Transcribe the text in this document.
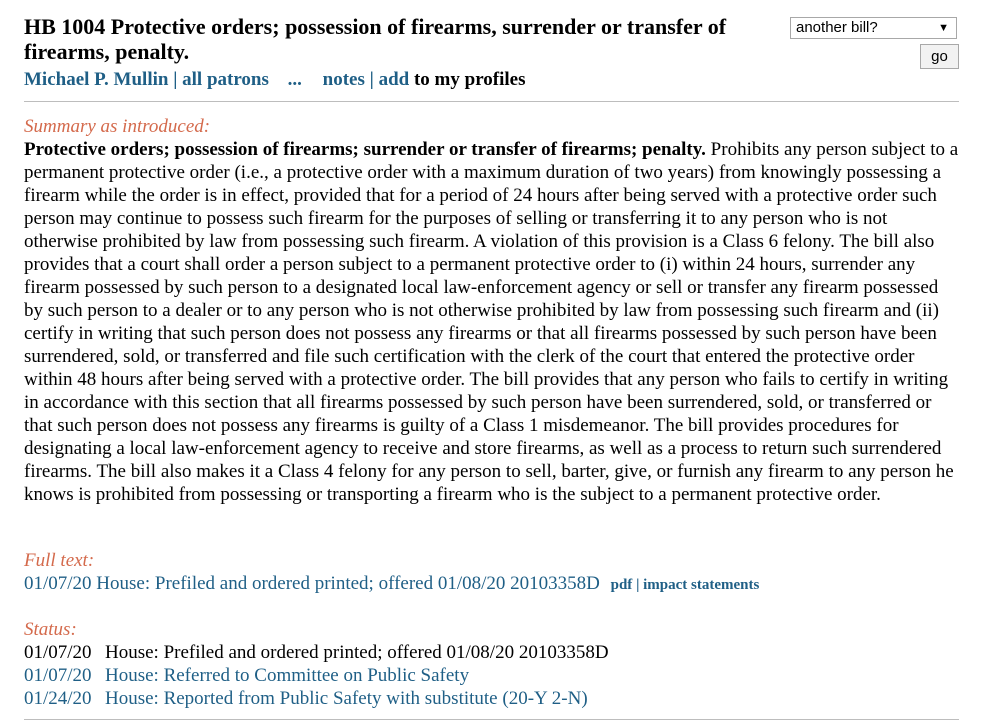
HB 1004 Protective orders; possession of firearms, surrender or transfer of firearms, penalty.
Michael P. Mullin | all patrons ... notes | add to my profiles
another bill?	▼
go
Summary as introduced:

Protective orders; possession of firearms; surrender or transfer of firearms; penalty. Prohibits any person subject to a permanent protective order (i.e., a protective order with a maximum duration of two years) from knowingly possessing a firearm while the order is in effect, provided that for a period of 24 hours after being served with a protective order such person may continue to possess such firearm for the purposes of selling or transferring it to any person who is not otherwise prohibited by law from possessing such firearm. A violation of this provision is a Class 6 felony. The bill also provides that a court shall order a person subject to a permanent protective order to (i) within 24 hours, surrender any firearm possessed by such person to a designated local law-enforcement agency or sell or transfer any firearm possessed by such person to a dealer or to any person who is not otherwise prohibited by law from possessing such firearm and (ii) certify in writing that such person does not possess any firearms or that all firearms possessed by such person have been surrendered, sold, or transferred and file such certification with the clerk of the court that entered the protective order within 48 hours after being served with a protective order. The bill provides that any person who fails to certify in writing in accordance with this section that all firearms possessed by such person have been surrendered, sold, or transferred or that such person does not possess any firearms is guilty of a Class 1 misdemeanor. The bill provides procedures for designating a local law-enforcement agency to receive and store firearms, as well as a process to return such surrendered firearms. The bill also makes it a Class 4 felony for any person to sell, barter, give, or furnish any firearm to any person he knows is prohibited from possessing or transporting a firearm who is the subject to a permanent protective order.

Full text:
01/07/20 House: Prefiled and ordered printed; offered 01/08/20 20103358D pdf | impact statements
Status:
01/07/20 House: Prefiled and ordered printed; offered 01/08/20 20103358D
01/07/20 House: Referred to Committee on Public Safety
01/24/20 House: Reported from Public Safety with substitute (20-Y 2-N)
